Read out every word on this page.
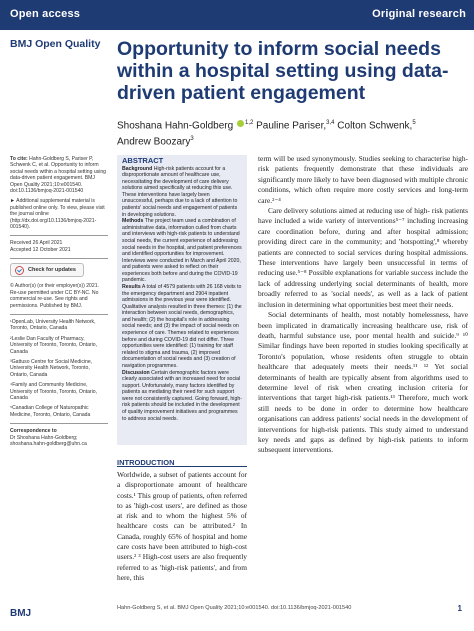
Open access	Original research
BMJ Open Quality Opportunity to inform social needs within a hospital setting using data-driven patient engagement
Shoshana Hahn-Goldberg $^{1,2}$ Pauline Pariser,$^{3,4}$ Colton Schwenk,$^5$
Andrew Boozary$^3$

To cite: Hahn-Goldberg S, Pariser P, Schwenk C, et al. Opportunity to inform social needs within a hospital setting using data-driven patient engagement. BMJ Open Quality 2021;10:e001540. doi:10.1136/bmjoq-2021-001540

► Additional supplemental material is published online only. To view, please visit the journal online (http://dx.doi.org/10.1136/bmjoq-2021-001540).

Received 26 April 2021
Accepted 12 October 2021

Check for updates

© Author(s) (or their employer(s)) 2021. Re-use permitted under CC BY-NC. No commercial re-use. See rights and permissions. Published by BMJ.

¹OpenLab, University Health Network, Toronto, Ontario, Canada

²Leslie Dan Faculty of Pharmacy, University of Toronto, Toronto, Ontario, Canada

³Gattuso Centre for Social Medicine, University Health Network, Toronto, Ontario, Canada

⁴Family and Community Medicine, University of Toronto, Toronto, Ontario, Canada

⁵Canadian College of Naturopathic Medicine, Toronto, Ontario, Canada

Correspondence to
Dr Shoshana Hahn-Goldberg;
shoshana.hahn-goldberg@uhn.ca

ABSTRACT
Background High-risk patients account for a disproportionate amount of healthcare use, necessitating the development of care delivery solutions aimed specifically at reducing this use. These interventions have largely been unsuccessful, perhaps due to a lack of attention to patients' social needs and engagement of patients in developing solutions.
Methods The project team used a combination of administrative data, information culled from charts and interviews with high-risk patients to understand social needs, the current experience of addressing social needs in the hospital, and patient preferences and identified opportunities for improvement. Interviews were conducted in March and April 2020, and patients were asked to reflect on their experiences both before and during the COVID-19 pandemic.
Results A total of 4579 patients with 26 168 visits to the emergency department and 2904 inpatient admissions in the previous year were identified. Qualitative analysis resulted in three themes: (1) the interaction between social needs, demographics, and health; (2) the hospital's role in addressing social needs; and (3) the impact of social needs on experience of care. Themes related to experiences before and during COVID-19 did not differ. Three opportunities were identified: (1) training for staff related to stigma and trauma, (2) improved documentation of social needs and (3) creation of navigation programmes.
Discussion Certain demographic factors were clearly associated with an increased need for social support. Unfortunately, many factors identified by patients as mediating their need for such support were not consistently captured. Going forward, high-risk patients should be included in the development of quality improvement initiatives and programmes to address social needs.
INTRODUCTION
Worldwide, a subset of patients account for a disproportionate amount of healthcare costs.¹ This group of patients, often referred to as 'high-cost users', are defined as those at risk and to whom the highest 5% of healthcare costs can be attributed.² In Canada, roughly 65% of hospital and home care costs have been attributed to high-cost users.² ³ High-cost users are also frequently referred to as 'high-risk patients', and from here, this

term will be used synonymously. Studies seeking to characterise high-risk patients frequently demonstrate that these individuals are significantly more likely to have been diagnosed with multiple chronic conditions, which often require more costly services and long-term care.²⁻⁴

Care delivery solutions aimed at reducing use of high- risk patients have included a wide variety of interventions⁵⁻⁷ including increasing care coordination before, during and after hospital admission; providing direct care in the community; and 'hotspotting',⁸ whereby patients are connected to social services during hospital admissions. These interventions have largely been unsuccessful in terms of reducing use.⁵⁻⁸ Possible explanations for variable success include the lack of addressing underlying social determinants of health, more broadly referred to as 'social needs', as well as a lack of patient inclusion in determining what opportunities best meet their needs.

Social determinants of health, most notably homelessness, have been implicated in dramatically increasing healthcare use, risk of death, harmful substance use, poor mental health and suicide.⁹ ¹⁰ Similar findings have been reported in studies looking specifically at Toronto's population, whose residents often struggle to obtain healthcare that adequately meets their needs.¹¹ ¹² Yet social determinants of health are typically absent from algorithms used to determine level of risk when creating inclusion criteria for interventions that target high-risk patients.¹³ Therefore, much work still needs to be done in order to determine how healthcare organisations can address patients' social needs in the development of interventions for high-risk patients. This study aimed to understand key needs and gaps as defined by high-risk patients to inform subsequent interventions.

BMJ	Hahn-Goldberg S, et al. BMJ Open Quality 2021;10:e001540. doi:10.1136/bmjoq-2021-001540	1
